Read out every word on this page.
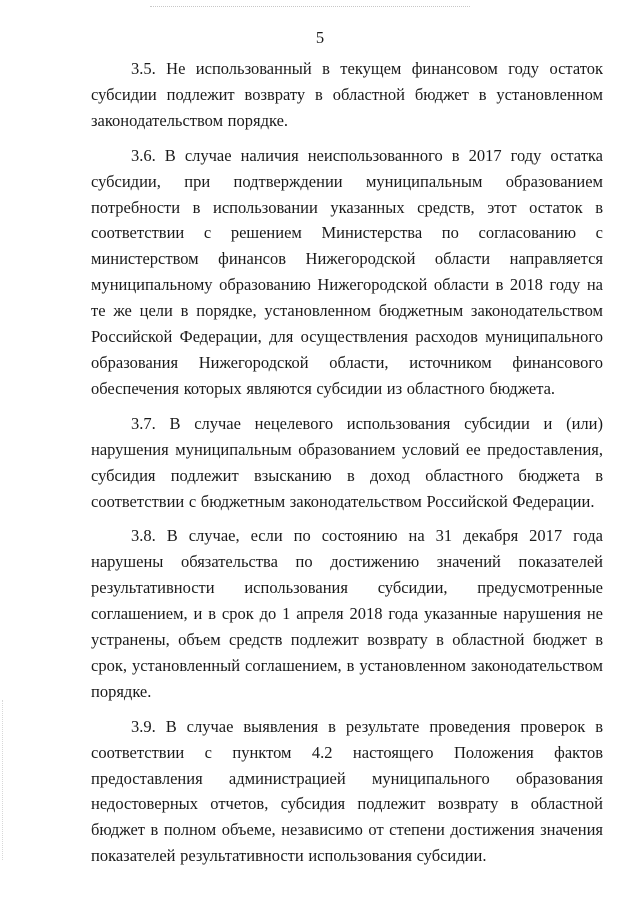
5

3.5. Не использованный в текущем финансовом году остаток субсидии подлежит возврату в областной бюджет в установленном законодательством порядке.

3.6. В случае наличия неиспользованного в 2017 году остатка субсидии, при подтверждении муниципальным образованием потребности в использовании указанных средств, этот остаток в соответствии с решением Министерства по согласованию с министерством финансов Нижегородской области направляется муниципальному образованию Нижегородской области в 2018 году на те же цели в порядке, установленном бюджетным законодательством Российской Федерации, для осуществления расходов муниципального образования Нижегородской области, источником финансового обеспечения которых являются субсидии из областного бюджета.

3.7. В случае нецелевого использования субсидии и (или) нарушения муниципальным образованием условий ее предоставления, субсидия подлежит взысканию в доход областного бюджета в соответствии с бюджетным законодательством Российской Федерации.

3.8. В случае, если по состоянию на 31 декабря 2017 года нарушены обязательства по достижению значений показателей результативности использования субсидии, предусмотренные соглашением, и в срок до 1 апреля 2018 года указанные нарушения не устранены, объем средств подлежит возврату в областной бюджет в срок, установленный соглашением, в установленном законодательством порядке.

3.9. В случае выявления в результате проведения проверок в соответствии с пунктом 4.2 настоящего Положения фактов предоставления администрацией муниципального образования недостоверных отчетов, субсидия подлежит возврату в областной бюджет в полном объеме, независимо от степени достижения значения показателей результативности использования субсидии.
